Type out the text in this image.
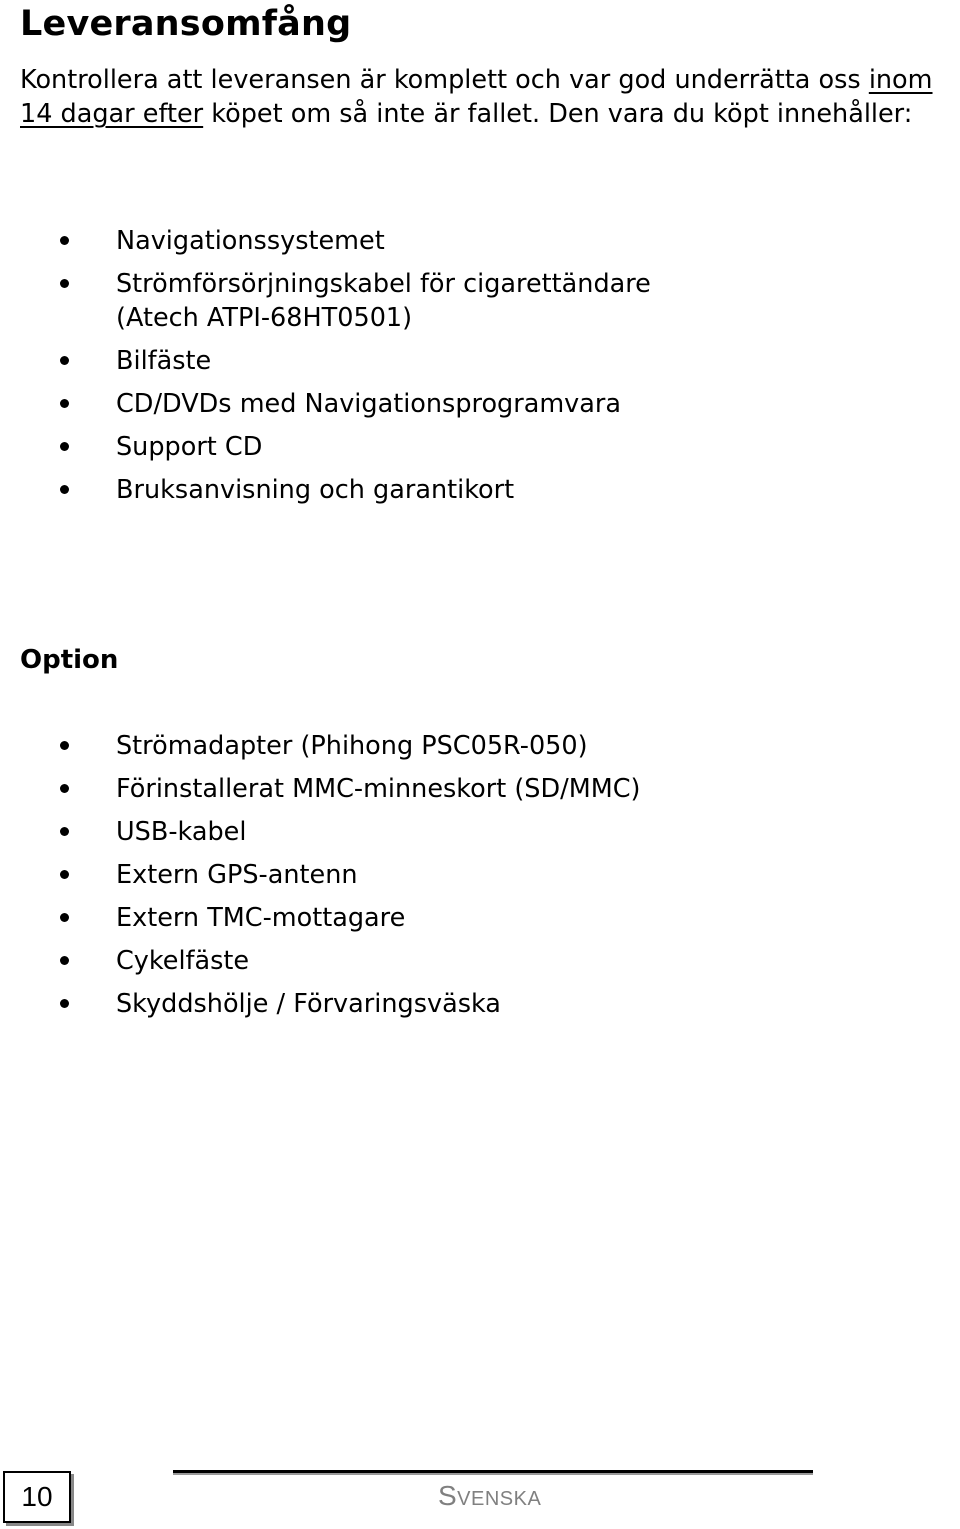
Leveransomfång

Kontrollera att leveransen är komplett och var god underrätta oss inom 14 dagar efter köpet om så inte är fallet. Den vara du köpt innehåller:

Navigationssystemet
Strömförsörjningskabel för cigarettändare (Atech ATPI-68HT0501)
Bilfäste
CD/DVDs med Navigationsprogramvara
Support CD
Bruksanvisning och garantikort
Option
Strömadapter (Phihong PSC05R-050)
Förinstallerat MMC-minneskort (SD/MMC)
USB-kabel
Extern GPS-antenn
Extern TMC-mottagare
Cykelfäste
Skyddshölje / Förvaringsväska
10	Svenska
